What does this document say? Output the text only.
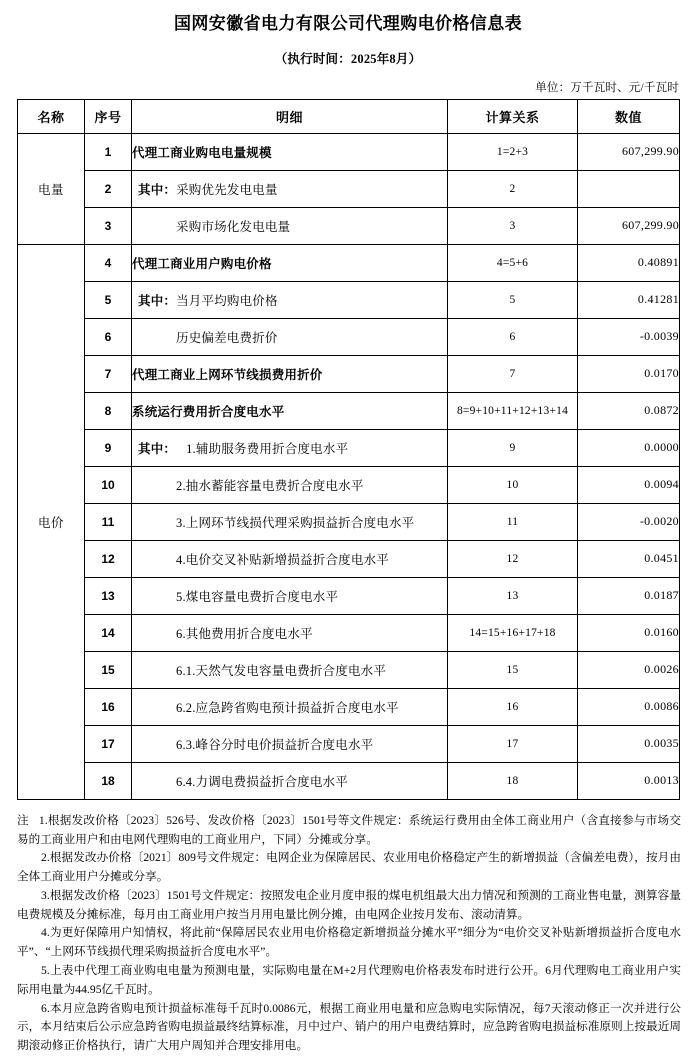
国网安徽省电力有限公司代理购电价格信息表
（执行时间：2025年8月）
单位：万千瓦时、元/千瓦时
名称	序号	明细	计算关系	数值
电量	1	代理工商业购电电量规模	1=2+3	607,299.90
	2	其中：采购优先发电电量	2	
	3	采购市场化发电电量	3	607,299.90
电价	4	代理工商业用户购电价格	4=5+6	0.40891
	5	其中：当月平均购电价格	5	0.41281
	6	历史偏差电费折价	6	-0.0039
	7	代理工商业上网环节线损费用折价	7	0.0170
	8	系统运行费用折合度电水平	8=9+10+11+12+13+14	0.0872
	9	其中： 1.辅助服务费用折合度电水平	9	0.0000
	10	2.抽水蓄能容量电费折合度电水平	10	0.0094
	11	3.上网环节线损代理采购损益折合度电水平	11	-0.0020
	12	4.电价交叉补贴新增损益折合度电水平	12	0.0451
	13	5.煤电容量电费折合度电水平	13	0.0187
	14	6.其他费用折合度电水平	14=15+16+17+18	0.0160
	15	6.1.天然气发电容量电费折合度电水平	15	0.0026
	16	6.2.应急跨省购电预计损益折合度电水平	16	0.0086
	17	6.3.峰谷分时电价损益折合度电水平	17	0.0035
	18	6.4.力调电费损益折合度电水平	18	0.0013

注 1.根据发改价格〔2023〕526号、发改价格〔2023〕1501号等文件规定：系统运行费用由全体工商业用户（含直接参与市场交易的工商业用户和由电网代理购电的工商业用户，下同）分摊或分享。

2.根据发改办价格〔2021〕809号文件规定：电网企业为保障居民、农业用电价格稳定产生的新增损益（含偏差电费），按月由全体工商业用户分摊或分享。

3.根据发改价格〔2023〕1501号文件规定：按照发电企业月度申报的煤电机组最大出力情况和预测的工商业售电量，测算容量电费规模及分摊标准，每月由工商业用户按当月用电量比例分摊，由电网企业按月发布、滚动清算。

4.为更好保障用户知情权，将此前“保障居民农业用电价格稳定新增损益分摊水平”细分为“电价交叉补贴新增损益折合度电水平”、“上网环节线损代理采购损益折合度电水平”。

5.上表中代理工商业购电电量为预测电量，实际购电量在M+2月代理购电价格表发布时进行公开。6月代理购电工商业用户实际用电量为44.95亿千瓦时。

6.本月应急跨省购电预计损益标准每千瓦时0.0086元，根据工商业用电量和应急购电实际情况，每7天滚动修正一次并进行公示，本月结束后公示应急跨省购电损益最终结算标准，月中过户、销户的用户电费结算时，应急跨省购电损益标准原则上按最近周期滚动修正价格执行，请广大用户周知并合理安排用电。
